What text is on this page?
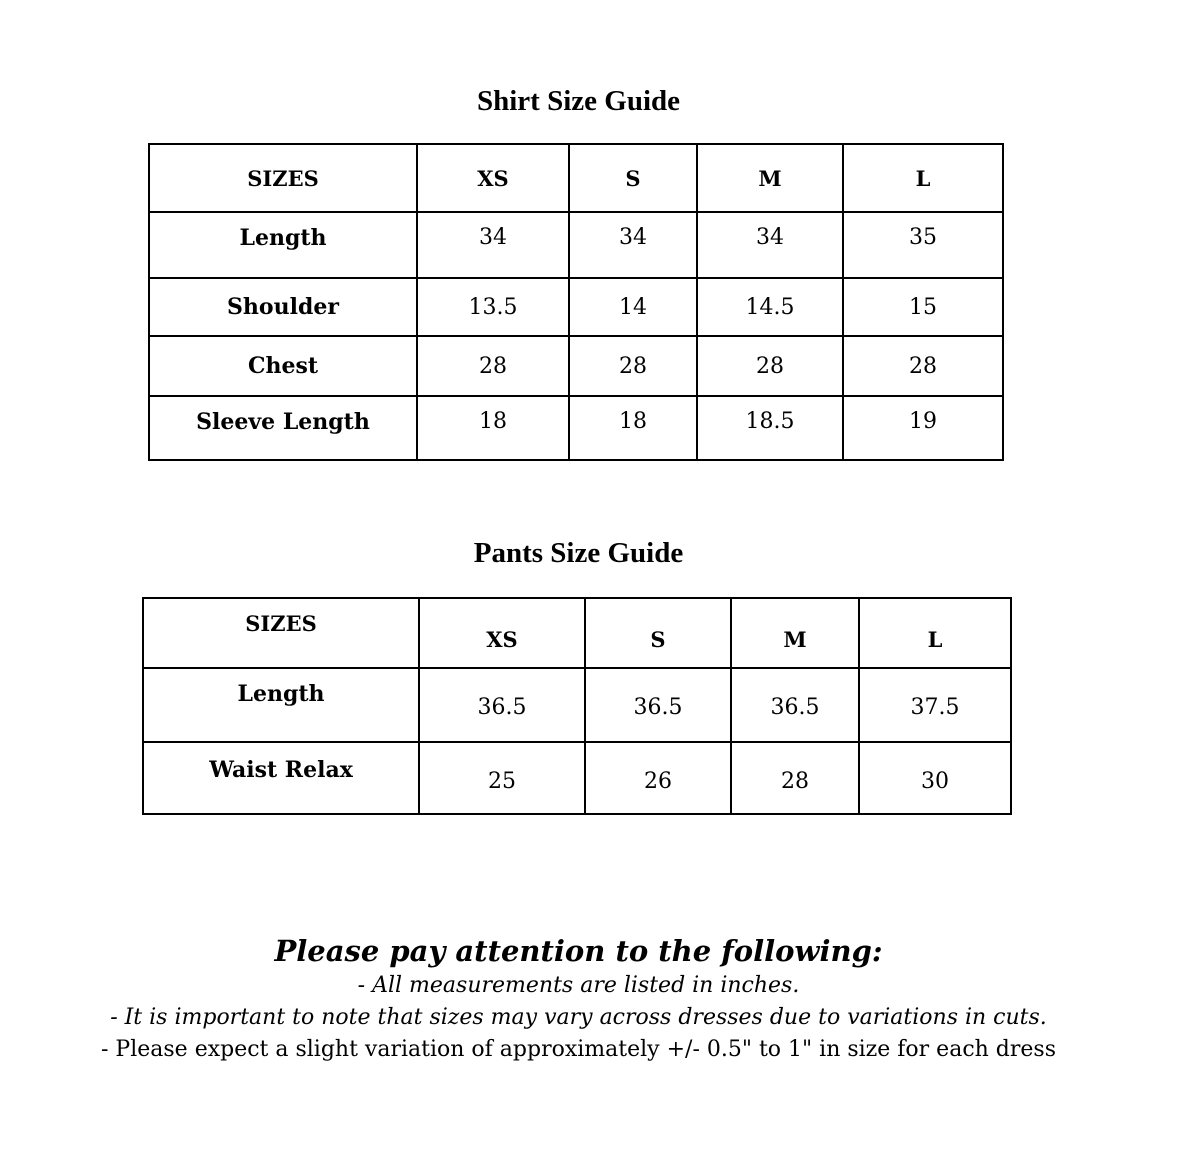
Shirt Size Guide
SIZES	XS	S	M	L
Length	34	34	34	35
Shoulder	13.5	14	14.5	15
Chest	28	28	28	28
Sleeve Length	18	18	18.5	19
Pants Size Guide
SIZES	XS	S	M	L
Length	36.5	36.5	36.5	37.5
Waist Relax	25	26	28	30
Please pay attention to the following:
- All measurements are listed in inches.
- It is important to note that sizes may vary across dresses due to variations in cuts.
- Please expect a slight variation of approximately +/- 0.5" to 1" in size for each dress
